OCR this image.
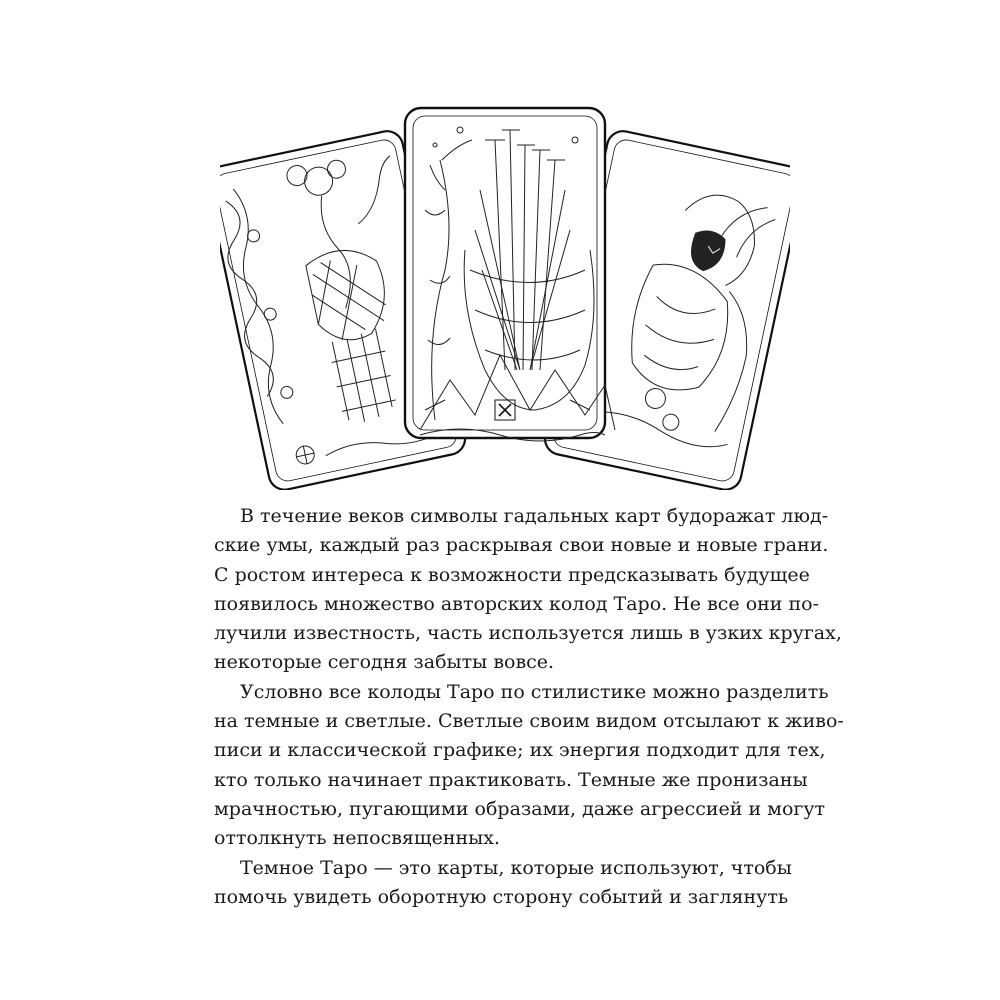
В течение веков символы гадальных карт будоражат люд-
ские умы, каждый раз раскрывая свои новые и новые грани.
С ростом интереса к возможности предсказывать будущее
появилось множество авторских колод Таро. Не все они по-
лучили известность, часть используется лишь в узких кругах,
некоторые сегодня забыты вовсе.

Условно все колоды Таро по стилистике можно разделить
на темные и светлые. Светлые своим видом отсылают к живо-
писи и классической графике; их энергия подходит для тех,
кто только начинает практиковать. Темные же пронизаны
мрачностью, пугающими образами, даже агрессией и могут
оттолкнуть непосвященных.

Темное Таро — это карты, которые используют, чтобы
помочь увидеть оборотную сторону событий и заглянуть
